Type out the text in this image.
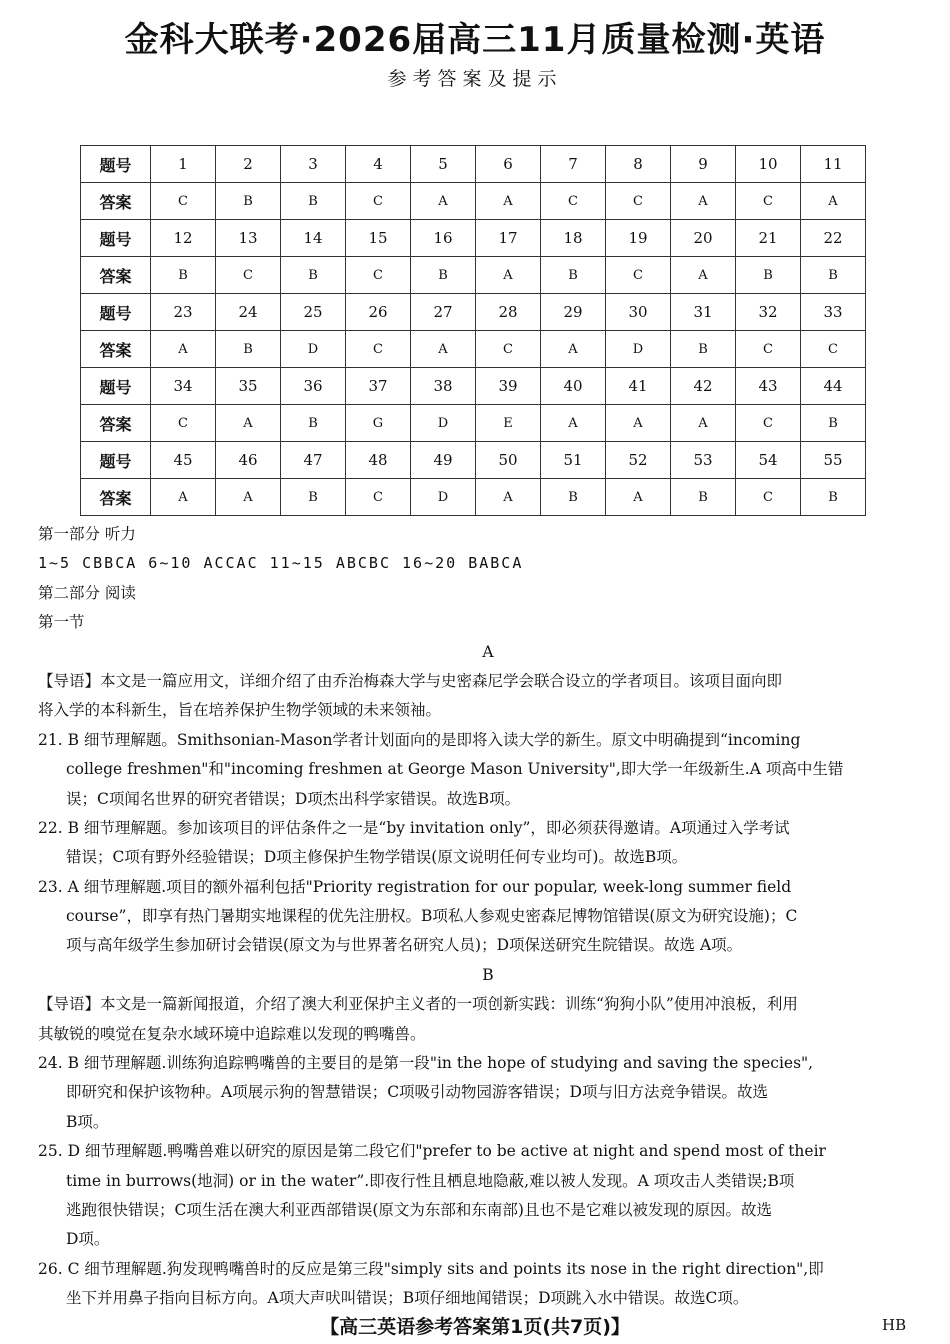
金科大联考·2026届高三11月质量检测·英语
参考答案及提示
题号	1	2	3	4	5	6	7	8	9	10	11
答案	C	B	B	C	A	A	C	C	A	C	A
题号	12	13	14	15	16	17	18	19	20	21	22
答案	B	C	B	C	B	A	B	C	A	B	B
题号	23	24	25	26	27	28	29	30	31	32	33
答案	A	B	D	C	A	C	A	D	B	C	C
题号	34	35	36	37	38	39	40	41	42	43	44
答案	C	A	B	G	D	E	A	A	A	C	B
题号	45	46	47	48	49	50	51	52	53	54	55
答案	A	A	B	C	D	A	B	A	B	C	B
第一部分 听力
1~5 CBBCA 6~10 ACCAC 11~15 ABCBC 16~20 BABCA
第二部分 阅读
第一节
A
【导语】本文是一篇应用文，详细介绍了由乔治梅森大学与史密森尼学会联合设立的学者项目。该项目面向即
将入学的本科新生，旨在培养保护生物学领域的未来领袖。
21. B 细节理解题。Smithsonian-Mason学者计划面向的是即将入读大学的新生。原文中明确提到“incoming
college freshmen"和"incoming freshmen at George Mason University",即大学一年级新生.A 项高中生错
误；C项闻名世界的研究者错误；D项杰出科学家错误。故选B项。
22. B 细节理解题。参加该项目的评估条件之一是“by invitation only”，即必须获得邀请。A项通过入学考试
错误；C项有野外经验错误；D项主修保护生物学错误(原文说明任何专业均可)。故选B项。
23. A 细节理解题.项目的额外福利包括"Priority registration for our popular, week-long summer field
course”，即享有热门暑期实地课程的优先注册权。B项私人参观史密森尼博物馆错误(原文为研究设施)；C
项与高年级学生参加研讨会错误(原文为与世界著名研究人员)；D项保送研究生院错误。故选 A项。
B
【导语】本文是一篇新闻报道，介绍了澳大利亚保护主义者的一项创新实践：训练“狗狗小队”使用冲浪板，利用
其敏锐的嗅觉在复杂水域环境中追踪难以发现的鸭嘴兽。
24. B 细节理解题.训练狗追踪鸭嘴兽的主要目的是第一段"in the hope of studying and saving the species",
即研究和保护该物种。A项展示狗的智慧错误；C项吸引动物园游客错误；D项与旧方法竞争错误。故选
B项。
25. D 细节理解题.鸭嘴兽难以研究的原因是第二段它们"prefer to be active at night and spend most of their
time in burrows(地洞) or in the water”.即夜行性且栖息地隐蔽,难以被人发现。A 项攻击人类错误;B项
逃跑很快错误；C项生活在澳大利亚西部错误(原文为东部和东南部)且也不是它难以被发现的原因。故选
D项。
26. C 细节理解题.狗发现鸭嘴兽时的反应是第三段"simply sits and points its nose in the right direction",即
坐下并用鼻子指向目标方向。A项大声吠叫错误；B项仔细地闻错误；D项跳入水中错误。故选C项。
【高三英语参考答案第1页(共7页)】	HB
